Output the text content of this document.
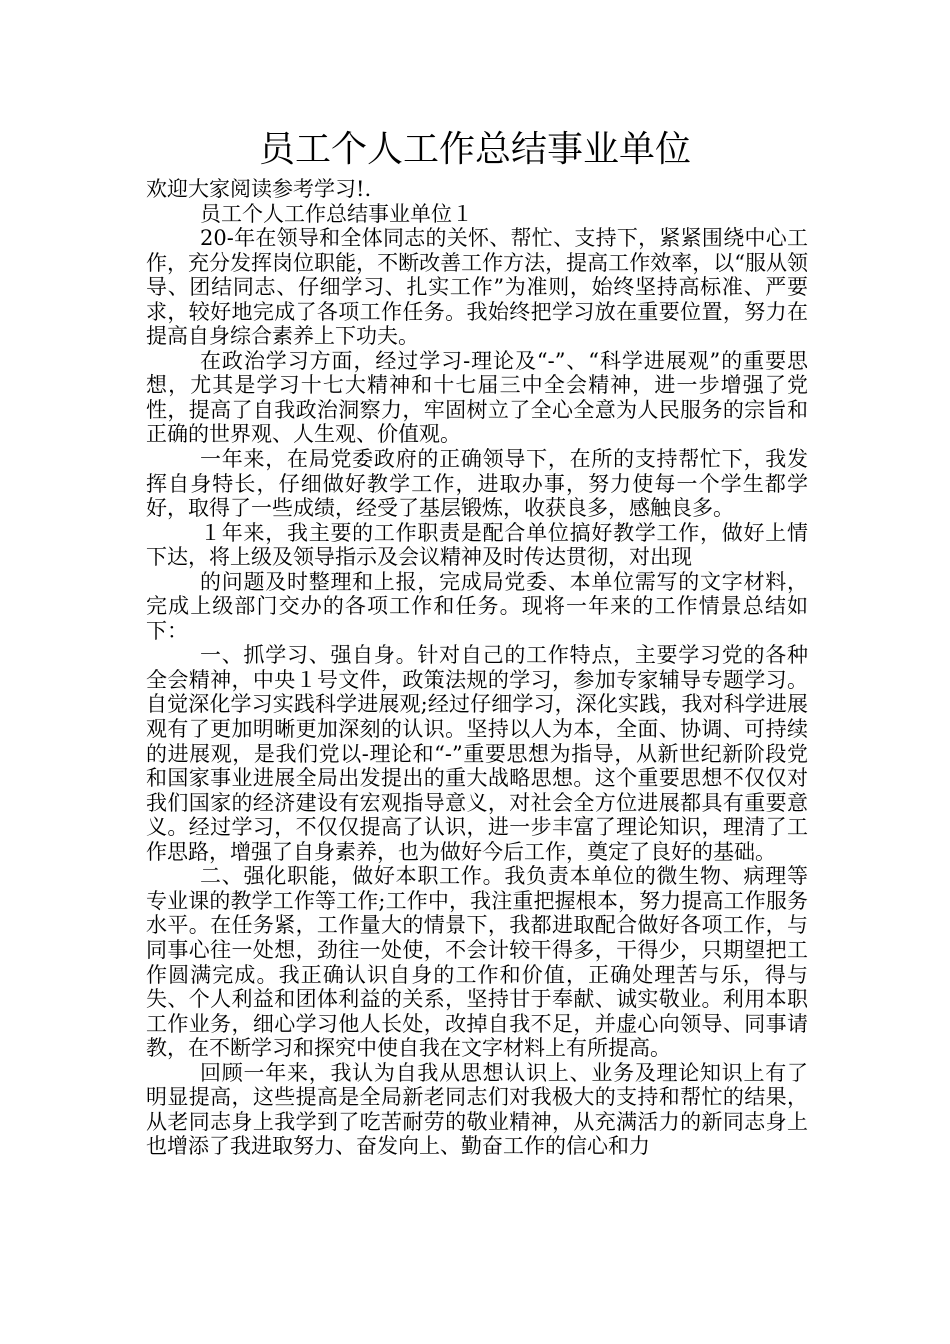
员工个人工作总结事业单位

欢迎大家阅读参考学习!.

员工个人工作总结事业单位１

20-年在领导和全体同志的关怀、帮忙、支持下，紧紧围绕中心工作，充分发挥岗位职能，不断改善工作方法，提高工作效率，以“服从领导、团结同志、仔细学习、扎实工作”为准则，始终坚持高标准、严要求，较好地完成了各项工作任务。我始终把学习放在重要位置，努力在提高自身综合素养上下功夫。

在政治学习方面，经过学习-理论及“-”、“科学进展观”的重要思想，尤其是学习十七大精神和十七届三中全会精神，进一步增强了党性，提高了自我政治洞察力，牢固树立了全心全意为人民服务的宗旨和正确的世界观、人生观、价值观。

一年来，在局党委政府的正确领导下，在所的支持帮忙下，我发挥自身特长，仔细做好教学工作，进取办事，努力使每一个学生都学好，取得了一些成绩，经受了基层锻炼，收获良多，感触良多。

１年来，我主要的工作职责是配合单位搞好教学工作，做好上情下达，将上级及领导指示及会议精神及时传达贯彻，对出现

的问题及时整理和上报，完成局党委、本单位需写的文字材料，完成上级部门交办的各项工作和任务。现将一年来的工作情景总结如下：

一、抓学习、强自身。针对自己的工作特点，主要学习党的各种全会精神，中央１号文件，政策法规的学习，参加专家辅导专题学习。自觉深化学习实践科学进展观;经过仔细学习，深化实践，我对科学进展观有了更加明晰更加深刻的认识。坚持以人为本，全面、协调、可持续的进展观，是我们党以-理论和“-”重要思想为指导，从新世纪新阶段党和国家事业进展全局出发提出的重大战略思想。这个重要思想不仅仅对我们国家的经济建设有宏观指导意义，对社会全方位进展都具有重要意义。经过学习，不仅仅提高了认识，进一步丰富了理论知识，理清了工作思路，增强了自身素养，也为做好今后工作，奠定了良好的基础。

二、强化职能，做好本职工作。我负责本单位的微生物、病理等专业课的教学工作等工作;工作中，我注重把握根本，努力提高工作服务水平。在任务紧，工作量大的情景下，我都进取配合做好各项工作，与同事心往一处想，劲往一处使，不会计较干得多，干得少，只期望把工作圆满完成。我正确认识自身的工作和价值，正确处理苦与乐，得与失、个人利益和团体利益的关系，坚持甘于奉献、诚实敬业。利用本职工作业务，细心学习他人长处，改掉自我不足，并虚心向领导、同事请教，在不断学习和探究中使自我在文字材料上有所提高。

回顾一年来，我认为自我从思想认识上、业务及理论知识上有了明显提高，这些提高是全局新老同志们对我极大的支持和帮忙的结果，从老同志身上我学到了吃苦耐劳的敬业精神，从充满活力的新同志身上也增添了我进取努力、奋发向上、勤奋工作的信心和力
